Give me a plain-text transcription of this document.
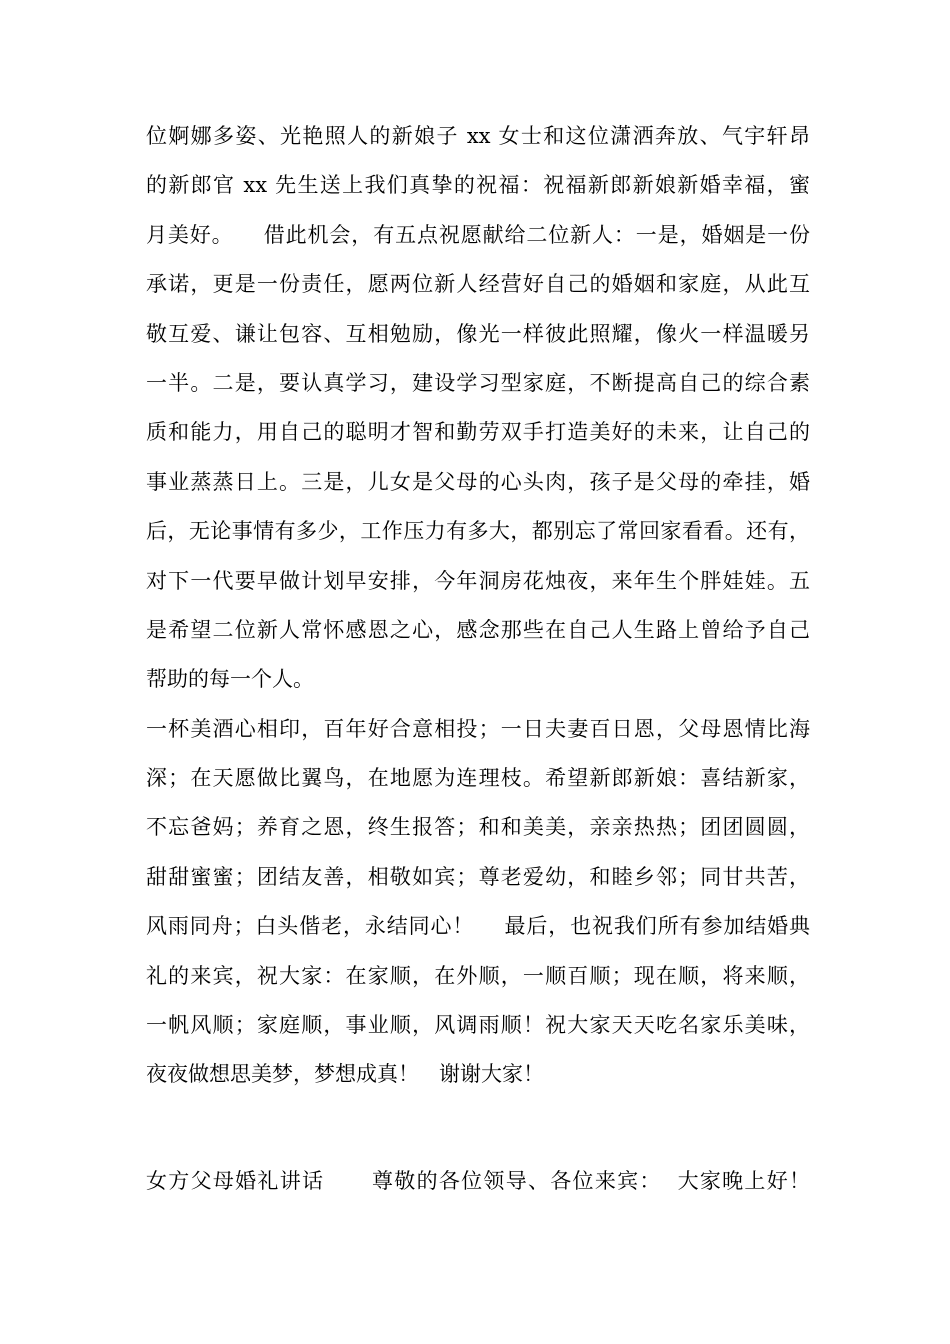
位婀娜多姿、光艳照人的新娘子 xx 女士和这位潇洒奔放、气宇轩昂
的新郎官 xx 先生送上我们真挚的祝福：祝福新郎新娘新婚幸福，蜜
月美好。    借此机会，有五点祝愿献给二位新人：一是，婚姻是一份
承诺，更是一份责任，愿两位新人经营好自己的婚姻和家庭，从此互
敬互爱、谦让包容、互相勉励，像光一样彼此照耀，像火一样温暖另
一半。二是，要认真学习，建设学习型家庭，不断提高自己的综合素
质和能力，用自己的聪明才智和勤劳双手打造美好的未来，让自己的
事业蒸蒸日上。三是，儿女是父母的心头肉，孩子是父母的牵挂，婚
后，无论事情有多少，工作压力有多大，都别忘了常回家看看。还有，
对下一代要早做计划早安排，今年洞房花烛夜，来年生个胖娃娃。五
是希望二位新人常怀感恩之心，感念那些在自己人生路上曾给予自己
帮助的每一个人。
一杯美酒心相印，百年好合意相投；一日夫妻百日恩，父母恩情比海
深；在天愿做比翼鸟，在地愿为连理枝。希望新郎新娘：喜结新家，
不忘爸妈；养育之恩，终生报答；和和美美，亲亲热热；团团圆圆，
甜甜蜜蜜；团结友善，相敬如宾；尊老爱幼，和睦乡邻；同甘共苦，
风雨同舟；白头偕老，永结同心！    最后，也祝我们所有参加结婚典
礼的来宾，祝大家：在家顺，在外顺，一顺百顺；现在顺，将来顺，
一帆风顺；家庭顺，事业顺，风调雨顺！祝大家天天吃名家乐美味，
夜夜做想思美梦，梦想成真！   谢谢大家！

女方父母婚礼讲话      尊敬的各位领导、各位来宾：  大家晚上好！
